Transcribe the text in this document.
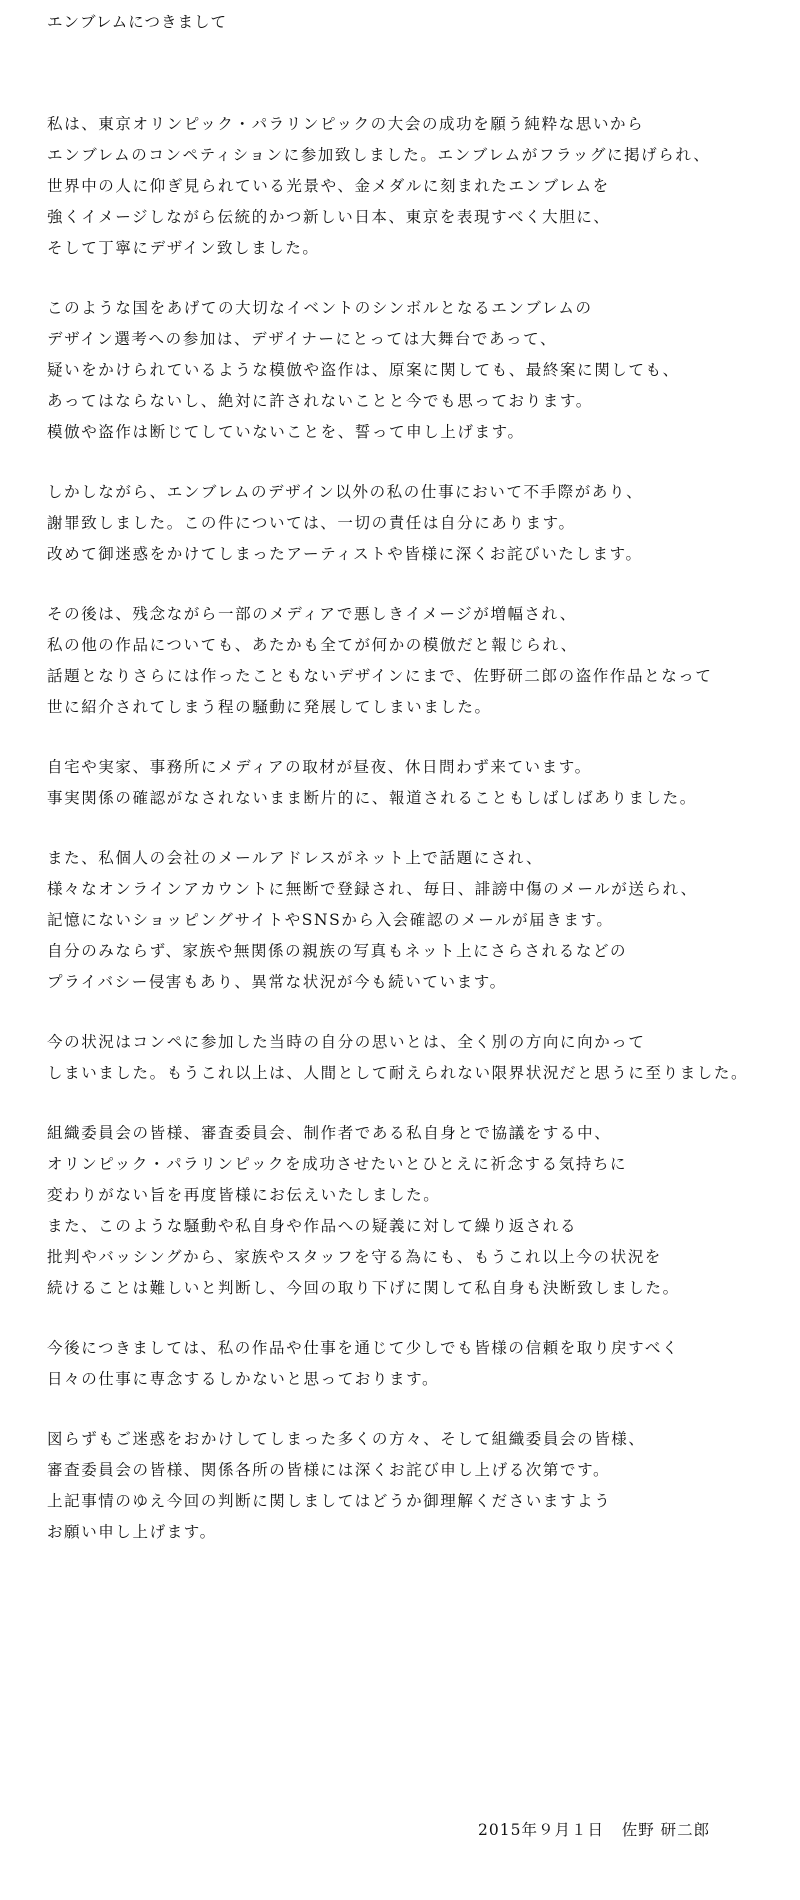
エンブレムにつきまして
私は、東京オリンピック・パラリンピックの大会の成功を願う純粋な思いから
エンブレムのコンペティションに参加致しました。エンブレムがフラッグに掲げられ、
世界中の人に仰ぎ見られている光景や、金メダルに刻まれたエンブレムを
強くイメージしながら伝統的かつ新しい日本、東京を表現すべく大胆に、
そして丁寧にデザイン致しました。
このような国をあげての大切なイベントのシンボルとなるエンブレムの
デザイン選考への参加は、デザイナーにとっては大舞台であって、
疑いをかけられているような模倣や盗作は、原案に関しても、最終案に関しても、
あってはならないし、絶対に許されないことと今でも思っております。
模倣や盗作は断じてしていないことを、誓って申し上げます。
しかしながら、エンブレムのデザイン以外の私の仕事において不手際があり、
謝罪致しました。この件については、一切の責任は自分にあります。
改めて御迷惑をかけてしまったアーティストや皆様に深くお詫びいたします。
その後は、残念ながら一部のメディアで悪しきイメージが増幅され、
私の他の作品についても、あたかも全てが何かの模倣だと報じられ、
話題となりさらには作ったこともないデザインにまで、佐野研二郎の盗作作品となって
世に紹介されてしまう程の騒動に発展してしまいました。
自宅や実家、事務所にメディアの取材が昼夜、休日問わず来ています。
事実関係の確認がなされないまま断片的に、報道されることもしばしばありました。
また、私個人の会社のメールアドレスがネット上で話題にされ、
様々なオンラインアカウントに無断で登録され、毎日、誹謗中傷のメールが送られ、
記憶にないショッピングサイトやSNSから入会確認のメールが届きます。
自分のみならず、家族や無関係の親族の写真もネット上にさらされるなどの
プライバシー侵害もあり、異常な状況が今も続いています。
今の状況はコンペに参加した当時の自分の思いとは、全く別の方向に向かって
しまいました。もうこれ以上は、人間として耐えられない限界状況だと思うに至りました。
組織委員会の皆様、審査委員会、制作者である私自身とで協議をする中、
オリンピック・パラリンピックを成功させたいとひとえに祈念する気持ちに
変わりがない旨を再度皆様にお伝えいたしました。
また、このような騒動や私自身や作品への疑義に対して繰り返される
批判やバッシングから、家族やスタッフを守る為にも、もうこれ以上今の状況を
続けることは難しいと判断し、今回の取り下げに関して私自身も決断致しました。
今後につきましては、私の作品や仕事を通じて少しでも皆様の信頼を取り戻すべく
日々の仕事に専念するしかないと思っております。
図らずもご迷惑をおかけしてしまった多くの方々、そして組織委員会の皆様、
審査委員会の皆様、関係各所の皆様には深くお詫び申し上げる次第です。
上記事情のゆえ今回の判断に関しましてはどうか御理解くださいますよう
お願い申し上げます。
2015年９月１日 佐野 研二郎
